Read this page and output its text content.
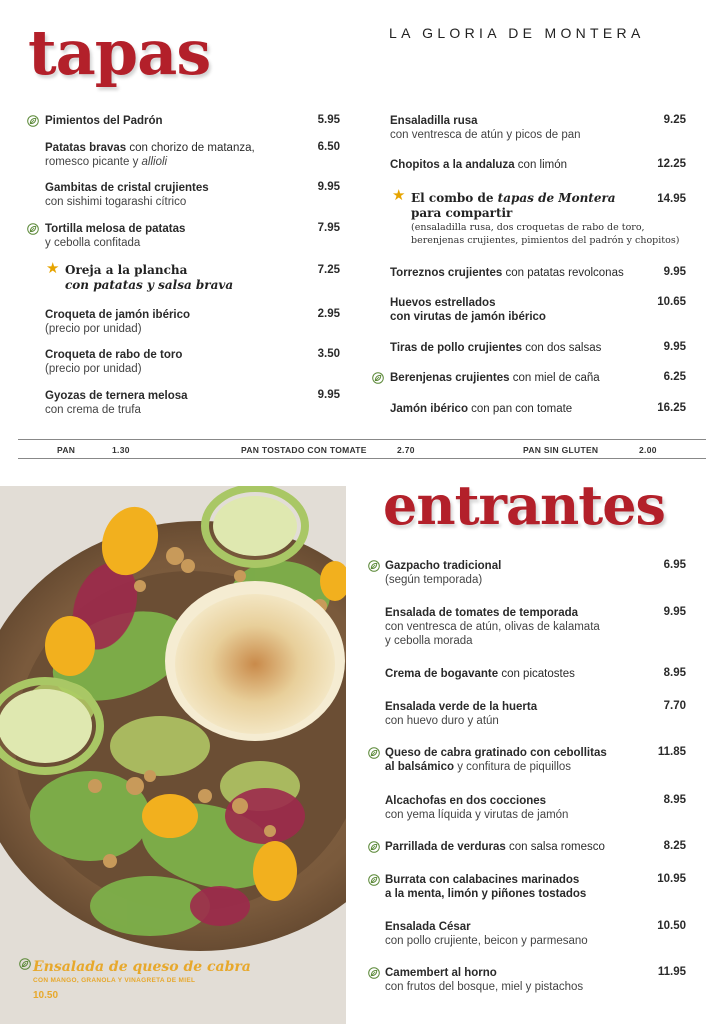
tapas	LA GLORIA DE MONTERA
Pimientos del Padrón	5.95
Patatas bravas con chorizo de matanza,
romesco picante y allioli
6.50
Gambitas de cristal crujientes
con sishimi togarashi cítrico
9.95
Tortilla melosa de patatas
y cebolla confitada
7.95
★ Oreja a la plancha
con patatas y salsa brava
7.25
Croqueta de jamón ibérico
(precio por unidad)
2.95
Croqueta de rabo de toro
(precio por unidad)
3.50
Gyozas de ternera melosa
con crema de trufa
9.95
Ensaladilla rusa
con ventresca de atún y picos de pan
9.25
Chopitos a la andaluza con limón	12.25
★ El combo de tapas de Montera
para compartir
(ensaladilla rusa, dos croquetas de rabo de toro,
berenjenas crujientes, pimientos del padrón y chopitos)
14.95
Torreznos crujientes con patatas revolconas	9.95
Huevos estrellados
con virutas de jamón ibérico
10.65
Tiras de pollo crujientes con dos salsas	9.95
Berenjenas crujientes con miel de caña	6.25
Jamón ibérico con pan con tomate	16.25
PAN	1.30	PAN TOSTADO CON TOMATE	2.70	PAN SIN GLUTEN	2.00
Ensalada de queso de cabra
CON MANGO, GRANOLA Y VINAGRETA DE MIEL
10.50
entrantes
Gazpacho tradicional
(según temporada)
6.95
Ensalada de tomates de temporada
con ventresca de atún, olivas de kalamata
y cebolla morada
9.95
Crema de bogavante con picatostes	8.95
Ensalada verde de la huerta
con huevo duro y atún
7.70
Queso de cabra gratinado con cebollitas
al balsámico y confitura de piquillos
11.85
Alcachofas en dos cocciones
con yema líquida y virutas de jamón
8.95
Parrillada de verduras con salsa romesco	8.25
Burrata con calabacines marinados
a la menta, limón y piñones tostados
10.95
Ensalada César
con pollo crujiente, beicon y parmesano
10.50
Camembert al horno
con frutos del bosque, miel y pistachos
11.95
